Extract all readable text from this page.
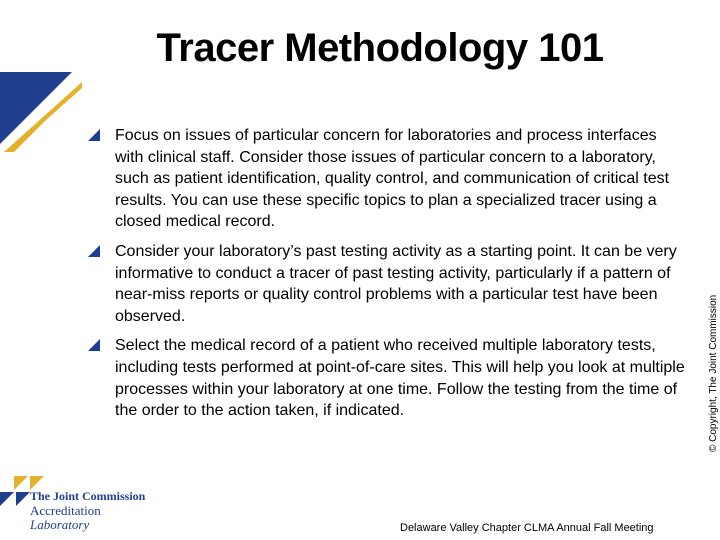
Tracer Methodology 101
Focus on issues of particular concern for laboratories and process interfaces with clinical staff. Consider those issues of particular concern to a laboratory, such as patient identification, quality control, and communication of critical test results. You can use these specific topics to plan a specialized tracer using a closed medical record.
Consider your laboratory’s past testing activity as a starting point. It can be very informative to conduct a tracer of past testing activity, particularly if a pattern of near-miss reports or quality control problems with a particular test have been observed.
Select the medical record of a patient who received multiple laboratory tests, including tests performed at point-of-care sites. This will help you look at multiple processes within your laboratory at one time. Follow the testing from the time of the order to the action taken, if indicated.	© Copyright, The Joint Commission
The Joint Commission
Accreditation
Laboratory	Delaware Valley Chapter CLMA Annual Fall Meeting
